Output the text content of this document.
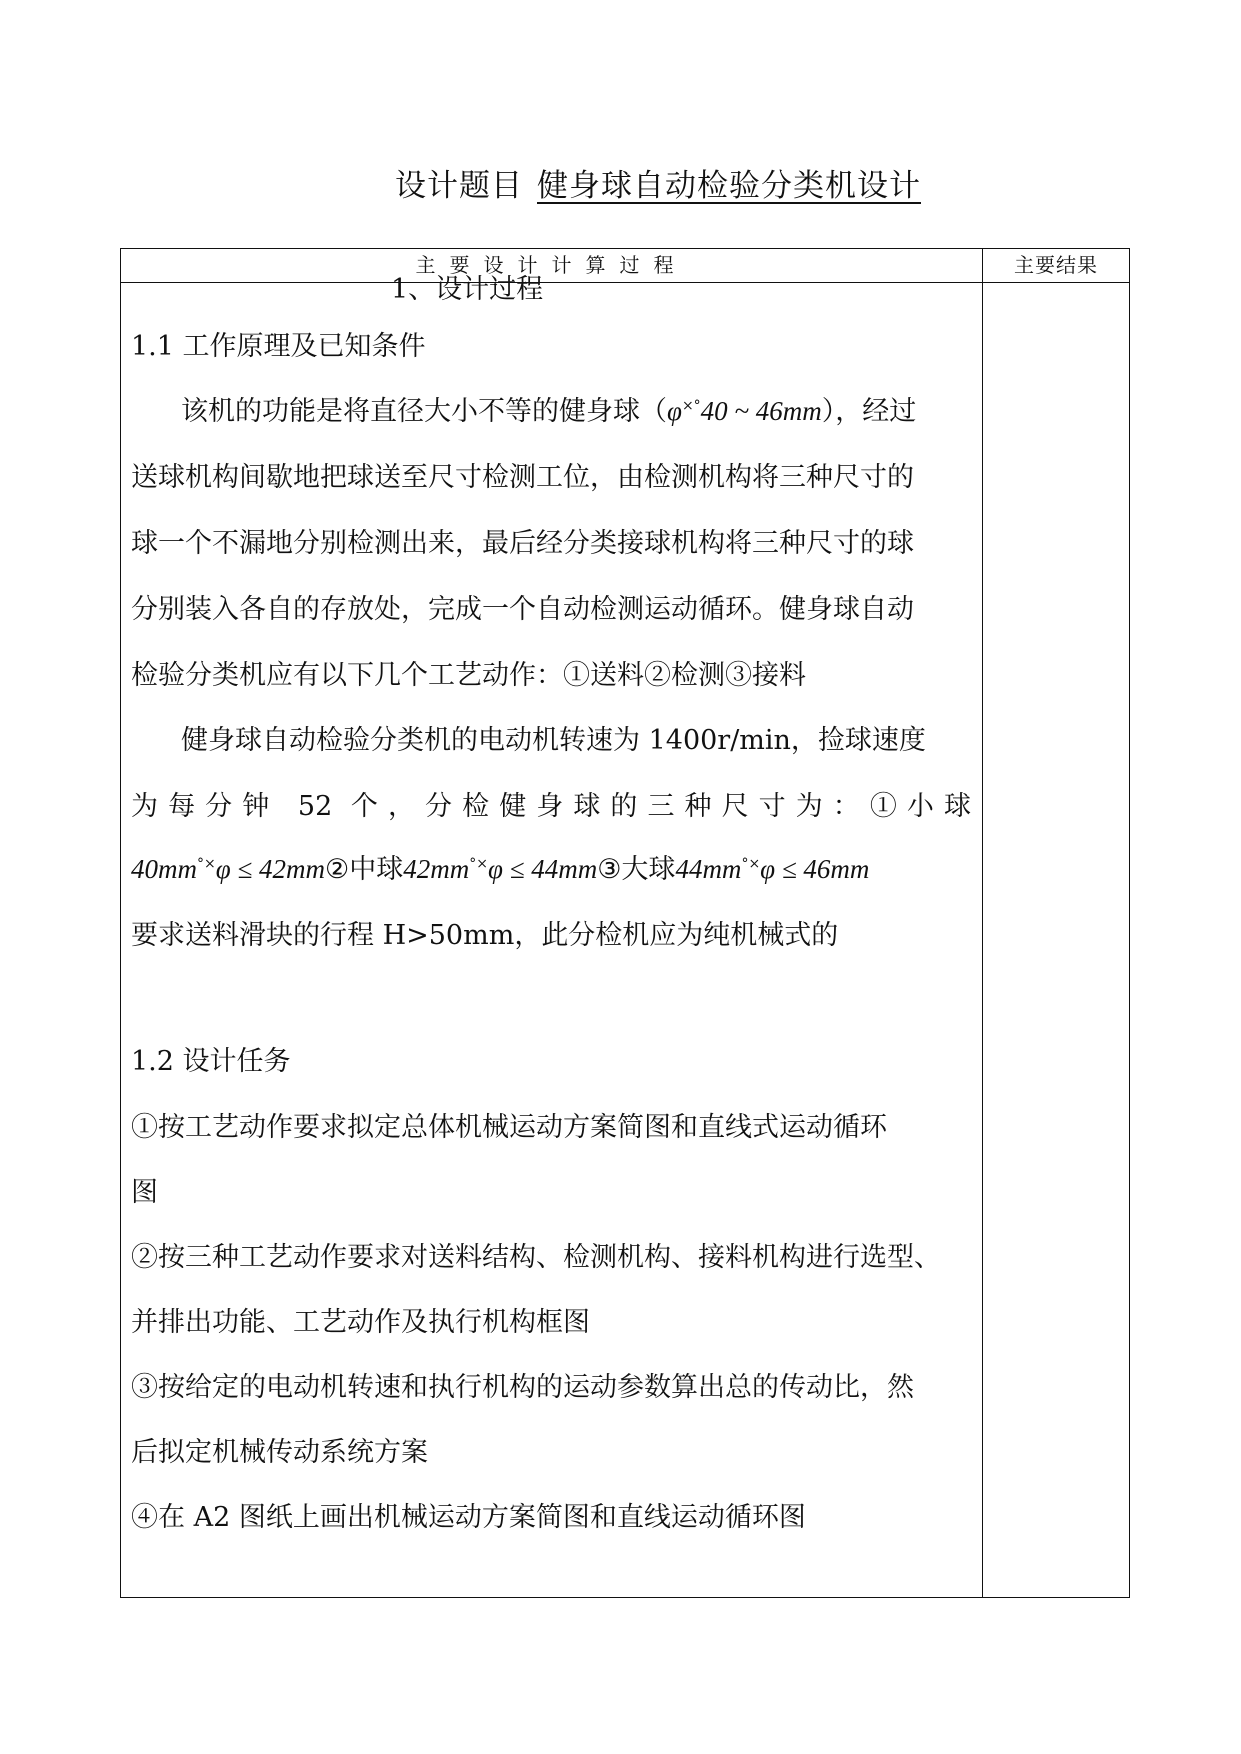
设计题目 健身球自动检验分类机设计
主要设计计算过程	主要结果
1、设计过程
1.1 工作原理及已知条件
该机的功能是将直径大小不等的健身球（φ×°40 ~ 46mm），经过
送球机构间歇地把球送至尺寸检测工位，由检测机构将三种尺寸的
球一个不漏地分别检测出来，最后经分类接球机构将三种尺寸的球
分别装入各自的存放处，完成一个自动检测运动循环。健身球自动
检验分类机应有以下几个工艺动作：①送料②检测③接料
健身球自动检验分类机的电动机转速为 1400r/min，捡球速度
为每分钟 52 个，分检健身球的三种尺寸为：①小球
40mm°×φ ≤ 42mm②中球42mm°×φ ≤ 44mm③大球44mm°×φ ≤ 46mm
要求送料滑块的行程 H>50mm，此分检机应为纯机械式的
1.2 设计任务
①按工艺动作要求拟定总体机械运动方案简图和直线式运动循环
图
②按三种工艺动作要求对送料结构、检测机构、接料机构进行选型、
并排出功能、工艺动作及执行机构框图
③按给定的电动机转速和执行机构的运动参数算出总的传动比，然
后拟定机械传动系统方案
④在 A2 图纸上画出机械运动方案简图和直线运动循环图
